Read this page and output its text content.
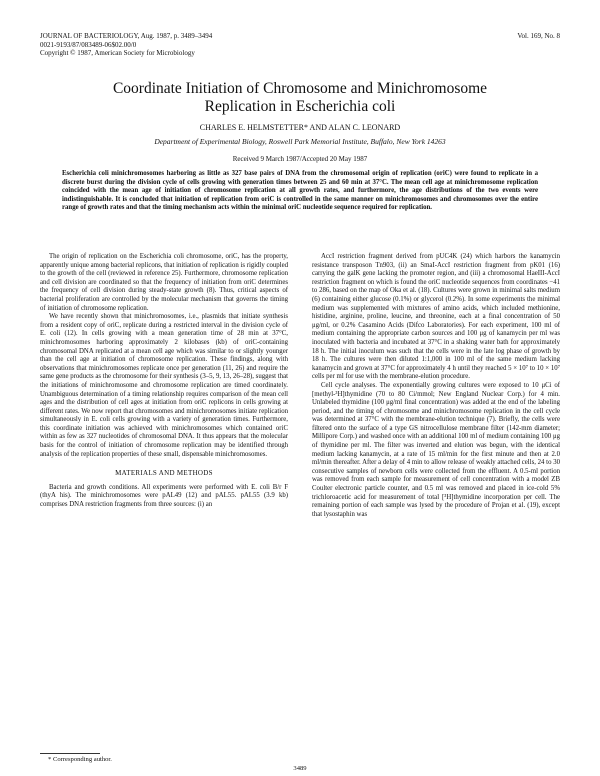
JOURNAL OF BACTERIOLOGY, Aug. 1987, p. 3489–3494
0021-9193/87/083489-06$02.00/0
Copyright © 1987, American Society for Microbiology
Vol. 169, No. 8
Coordinate Initiation of Chromosome and Minichromosome
Replication in Escherichia coli
CHARLES E. HELMSTETTER* AND ALAN C. LEONARD
Department of Experimental Biology, Roswell Park Memorial Institute, Buffalo, New York 14263
Received 9 March 1987/Accepted 20 May 1987
Escherichia coli minichromosomes harboring as little as 327 base pairs of DNA from the chromosomal origin of replication (oriC) were found to replicate in a discrete burst during the division cycle of cells growing with generation times between 25 and 60 min at 37°C. The mean cell age at minichromosome replication coincided with the mean age of initiation of chromosome replication at all growth rates, and furthermore, the age distributions of the two events were indistinguishable. It is concluded that initiation of replication from oriC is controlled in the same manner on minichromosomes and chromosomes over the entire range of growth rates and that the timing mechanism acts within the minimal oriC nucleotide sequence required for replication.

The origin of replication on the Escherichia coli chromosome, oriC, has the property, apparently unique among bacterial replicons, that initiation of replication is rigidly coupled to the growth of the cell (reviewed in reference 25). Furthermore, chromosome replication and cell division are coordinated so that the frequency of initiation from oriC determines the frequency of cell division during steady-state growth (8). Thus, critical aspects of bacterial proliferation are controlled by the molecular mechanism that governs the timing of initiation of chromosome replication.

We have recently shown that minichromosomes, i.e., plasmids that initiate synthesis from a resident copy of oriC, replicate during a restricted interval in the division cycle of E. coli (12). In cells growing with a mean generation time of 28 min at 37°C, minichromosomes harboring approximately 2 kilobases (kb) of oriC-containing chromosomal DNA replicated at a mean cell age which was similar to or slightly younger than the cell age at initiation of chromosome replication. These findings, along with observations that minichromosomes replicate once per generation (11, 26) and require the same gene products as the chromosome for their synthesis (3–5, 9, 13, 26–28), suggest that the initiations of minichromosome and chromosome replication are timed coordinately. Unambiguous determination of a timing relationship requires comparison of the mean cell ages and the distribution of cell ages at initiation from oriC replicons in cells growing at different rates. We now report that chromosomes and minichromosomes initiate replication simultaneously in E. coli cells growing with a variety of generation times. Furthermore, this coordinate initiation was achieved with minichromosomes which contained oriC within as few as 327 nucleotides of chromosomal DNA. It thus appears that the molecular basis for the control of initiation of chromosome replication may be identified through analysis of the replication properties of these small, dispensable minichromosomes.

MATERIALS AND METHODS

Bacteria and growth conditions. All experiments were performed with E. coli B/r F (thyA his). The minichromosomes were pAL49 (12) and pAL55. pAL55 (3.9 kb) comprises DNA restriction fragments from three sources: (i) an

AccI restriction fragment derived from pUC4K (24) which harbors the kanamycin resistance transposon Tn903, (ii) an SmaI-AccI restriction fragment from pK01 (16) carrying the galK gene lacking the promoter region, and (iii) a chromosomal HaeIII-AccI restriction fragment on which is found the oriC nucleotide sequences from coordinates −41 to 286, based on the map of Oka et al. (18). Cultures were grown in minimal salts medium (6) containing either glucose (0.1%) or glycerol (0.2%). In some experiments the minimal medium was supplemented with mixtures of amino acids, which included methionine, histidine, arginine, proline, leucine, and threonine, each at a final concentration of 50 μg/ml, or 0.2% Casamino Acids (Difco Laboratories). For each experiment, 100 ml of medium containing the appropriate carbon sources and 100 μg of kanamycin per ml was inoculated with bacteria and incubated at 37°C in a shaking water bath for approximately 18 h. The initial inoculum was such that the cells were in the late log phase of growth by 18 h. The cultures were then diluted 1:1,000 in 100 ml of the same medium lacking kanamycin and grown at 37°C for approximately 4 h until they reached 5 × 10⁷ to 10 × 10⁷ cells per ml for use with the membrane-elution procedure.

Cell cycle analyses. The exponentially growing cultures were exposed to 10 μCi of [methyl-³H]thymidine (70 to 80 Ci/mmol; New England Nuclear Corp.) for 4 min. Unlabeled thymidine (100 μg/ml final concentration) was added at the end of the labeling period, and the timing of chromosome and minichromosome replication in the cell cycle was determined at 37°C with the membrane-elution technique (7). Briefly, the cells were filtered onto the surface of a type GS nitrocellulose membrane filter (142-mm diameter; Millipore Corp.) and washed once with an additional 100 ml of medium containing 100 μg of thymidine per ml. The filter was inverted and elution was begun, with the identical medium lacking kanamycin, at a rate of 15 ml/min for the first minute and then at 2.0 ml/min thereafter. After a delay of 4 min to allow release of weakly attached cells, 24 to 30 consecutive samples of newborn cells were collected from the effluent. A 0.5-ml portion was removed from each sample for measurement of cell concentration with a model ZB Coulter electronic particle counter, and 0.5 ml was removed and placed in ice-cold 5% trichloroacetic acid for measurement of total [³H]thymidine incorporation per cell. The remaining portion of each sample was lysed by the procedure of Projan et al. (19), except that lysostaphin was

* Corresponding author.
3489
